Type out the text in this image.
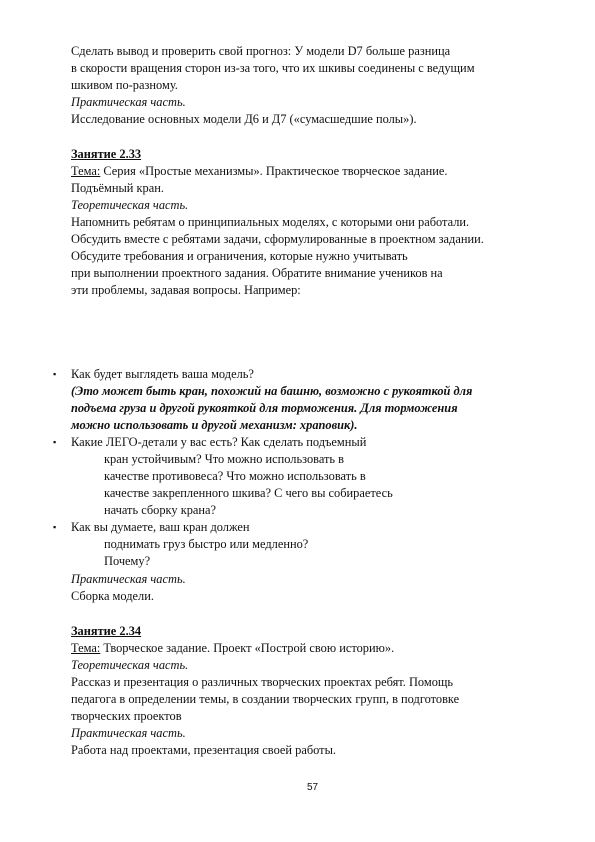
Сделать вывод и проверить свой прогноз: У модели D7 больше разница
в скорости вращения сторон из-за того, что их шкивы соединены с ведущим
шкивом по-разному.
Практическая часть.
Исследование основных модели Д6 и Д7 («сумасшедшие полы»).
Занятие 2.33
Тема: Серия «Простые механизмы». Практическое творческое задание.
Подъёмный кран.
Теоретическая часть.
Напомнить ребятам о принципиальных моделях, с которыми они работали.
Обсудить вместе с ребятами задачи, сформулированные в проектном задании.
Обсудите требования и ограничения, которые нужно учитывать
при выполнении проектного задания. Обратите внимание учеников на
эти проблемы, задавая вопросы. Например:
▪ Как будет выглядеть ваша модель?
(Это может быть кран, похожий на башню, возможно с рукояткой для
подъема груза и другой рукояткой для торможения. Для торможения
можно использовать и другой механизм: храповик).
▪ Какие ЛЕГО-детали у вас есть? Как сделать подъемный
кран устойчивым? Что можно использовать в
качестве противовеса? Что можно использовать в
качестве закрепленного шкива? С чего вы собираетесь
начать сборку крана?
▪ Как вы думаете, ваш кран должен
поднимать груз быстро или медленно?
Почему?
Практическая часть.
Сборка модели.
Занятие 2.34
Тема: Творческое задание. Проект «Построй свою историю».
Теоретическая часть.
Рассказ и презентация о различных творческих проектах ребят. Помощь
педагога в определении темы, в создании творческих групп, в подготовке
творческих проектов
Практическая часть.
Работа над проектами, презентация своей работы.
57
